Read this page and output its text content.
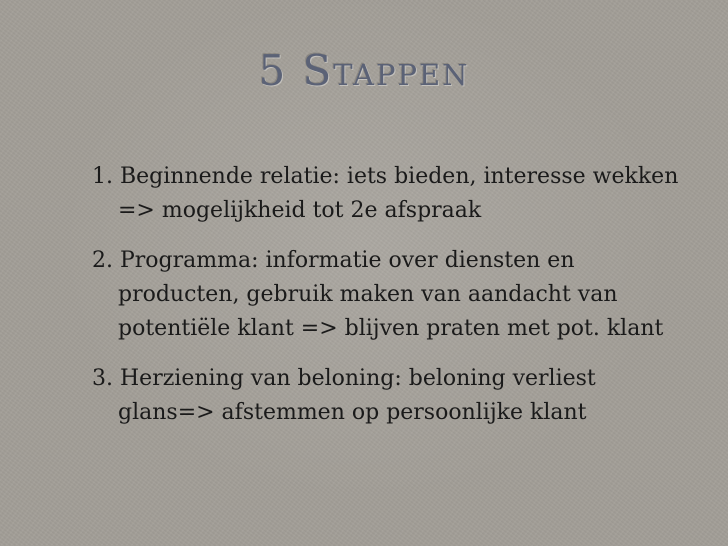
5 Stappen

1. Beginnende relatie: iets bieden, interesse wekken => mogelijkheid tot 2e afspraak

2. Programma: informatie over diensten en producten, gebruik maken van aandacht van potentiële klant => blijven praten met pot. klant

3. Herziening van beloning: beloning verliest glans=> afstemmen op persoonlijke klant
